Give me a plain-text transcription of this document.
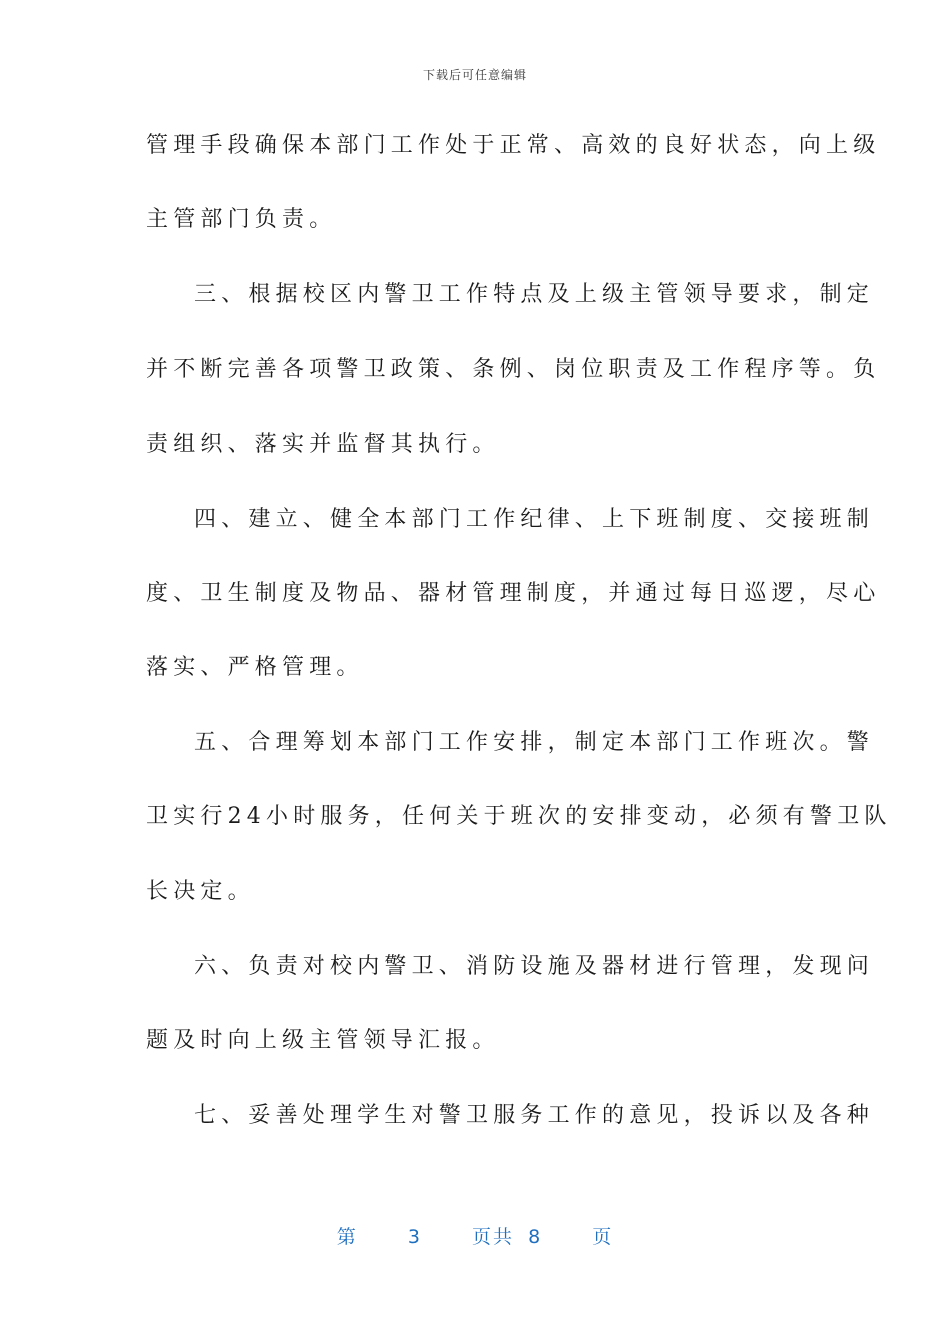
下载后可任意编辑
管理手段确保本部门工作处于正常、高效的良好状态，向上级
主管部门负责。
三、根据校区内警卫工作特点及上级主管领导要求，制定
并不断完善各项警卫政策、条例、岗位职责及工作程序等。负
责组织、落实并监督其执行。
四、建立、健全本部门工作纪律、上下班制度、交接班制
度、卫生制度及物品、器材管理制度，并通过每日巡逻，尽心
落实、严格管理。
五、合理筹划本部门工作安排，制定本部门工作班次。警
卫实行24小时服务，任何关于班次的安排变动，必须有警卫队
长决定。
六、负责对校内警卫、消防设施及器材进行管理，发现问
题及时向上级主管领导汇报。
七、妥善处理学生对警卫服务工作的意见，投诉以及各种
第	3	页共 8	页
